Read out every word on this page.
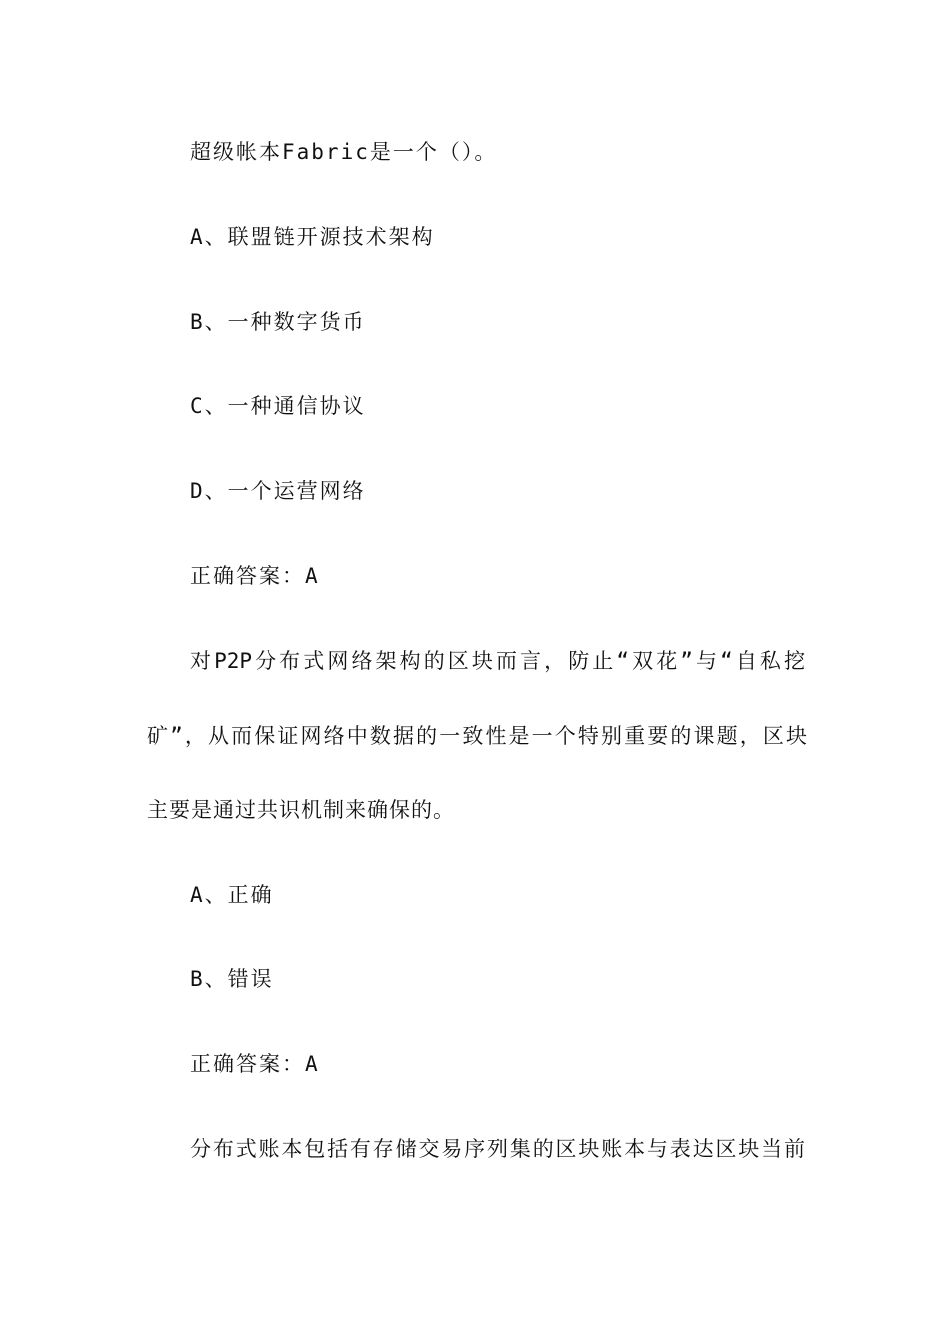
超级帐本Fabric是一个（）。
A、联盟链开源技术架构
B、一种数字货币
C、一种通信协议
D、一个运营网络
正确答案：A
对P2P分布式网络架构的区块而言，防止“双花”与“自私挖
矿”，从而保证网络中数据的一致性是一个特别重要的课题，区块
主要是通过共识机制来确保的。
A、正确
B、错误
正确答案：A
分布式账本包括有存储交易序列集的区块账本与表达区块当前
